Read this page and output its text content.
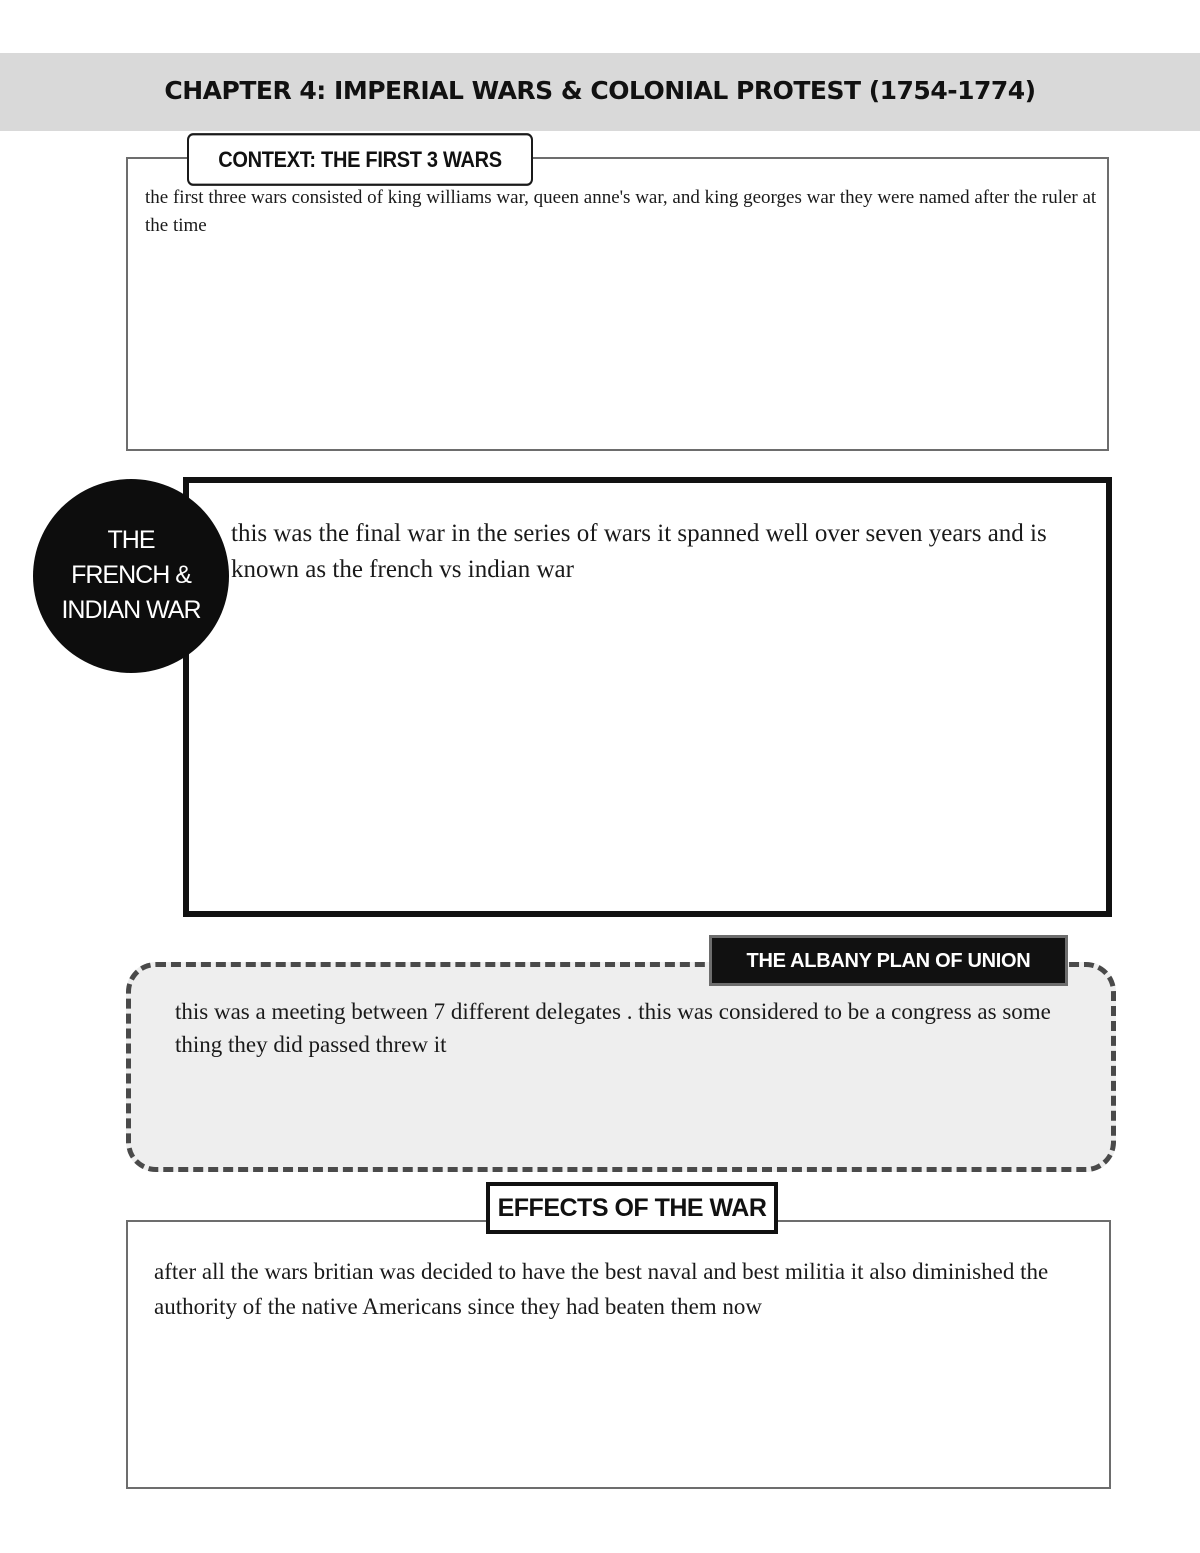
CHAPTER 4: IMPERIAL WARS & COLONIAL PROTEST (1754-1774)
CONTEXT: THE FIRST 3 WARS
the first three wars consisted of king williams war, queen anne's war, and king georges war they were named after the ruler at the time
THE
FRENCH &
INDIAN WAR
this was the final war in the series of wars it spanned well over seven years and is known as the french vs indian war
THE ALBANY PLAN OF UNION
this was a meeting between 7 different delegates . this was considered to be a congress as some thing they did passed threw it
EFFECTS OF THE WAR
after all the wars britian was decided to have the best naval and best militia it also diminished the authority of the native Americans since they had beaten them now
